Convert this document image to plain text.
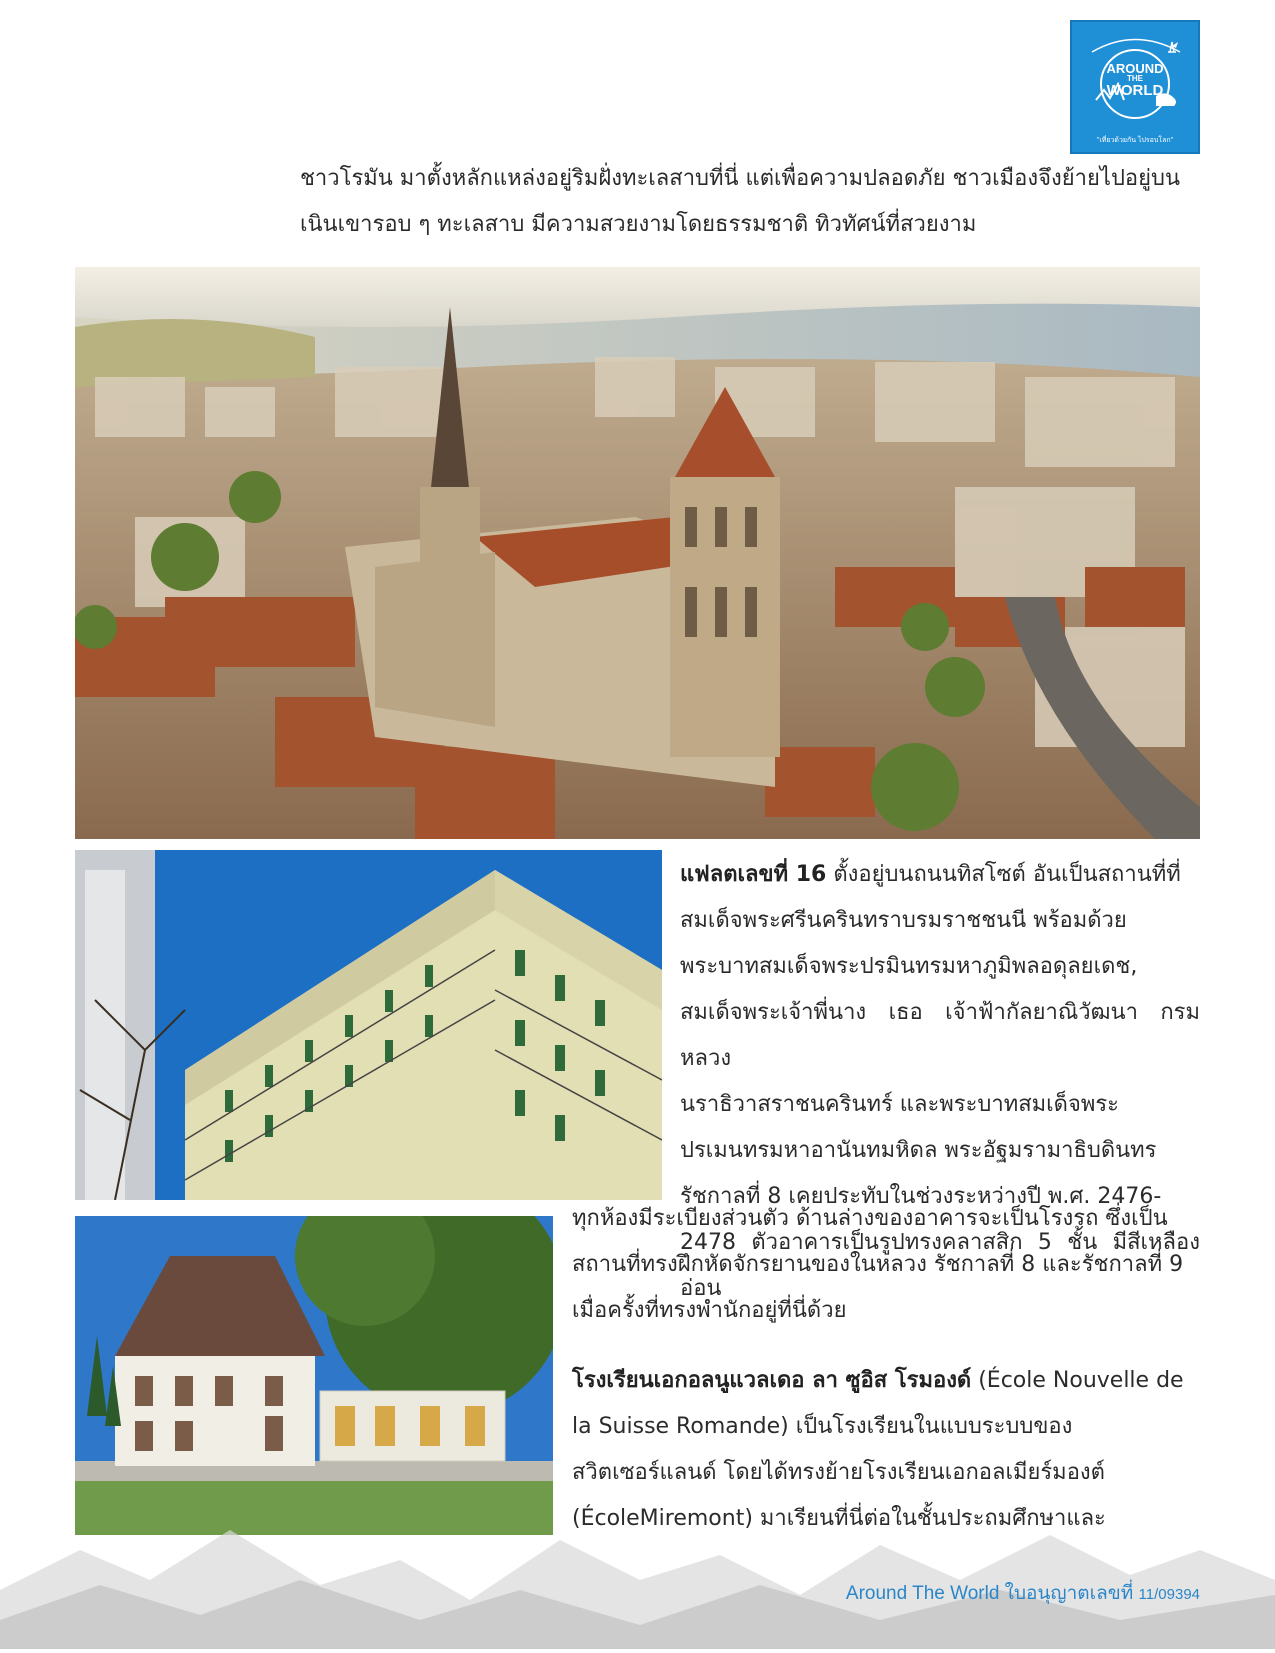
AROUND
THE
WORLD
"เที่ยวด้วยกัน ไปรอบโลก"
ชาวโรมัน มาตั้งหลักแหล่งอยู่ริมฝั่งทะเลสาบที่นี่ แต่เพื่อความปลอดภัย ชาวเมืองจึงย้ายไปอยู่บน
เนินเขารอบ ๆ ทะเลสาบ มีความสวยงามโดยธรรมชาติ ทิวทัศน์ที่สวยงาม
แฟลตเลขที่ 16 ตั้งอยู่บนถนนทิสโซต์ อันเป็นสถานที่ที่
สมเด็จพระศรีนครินทราบรมราชชนนี พร้อมด้วย
พระบาทสมเด็จพระปรมินทรมหาภูมิพลอดุลยเดช,
สมเด็จพระเจ้าพี่นาง เธอ เจ้าฟ้ากัลยาณิวัฒนา กรมหลวง
นราธิวาสราชนครินทร์ และพระบาทสมเด็จพระ
ปรเมนทรมหาอานันทมหิดล พระอัฐมรามาธิบดินทร
รัชกาลที่ 8 เคยประทับในช่วงระหว่างปี พ.ศ. 2476-
2478 ตัวอาคารเป็นรูปทรงคลาสสิก 5 ชั้น มีสีเหลืองอ่อน
ทุกห้องมีระเบียงส่วนตัว ด้านล่างของอาคารจะเป็นโรงรถ ซึ่งเป็น
สถานที่ทรงฝึกหัดจักรยานของในหลวง รัชกาลที่ 8 และรัชกาลที่ 9
เมื่อครั้งที่ทรงพำนักอยู่ที่นี่ด้วย
โรงเรียนเอกอลนูแวลเดอ ลา ซูอิส โรมองด์ (École Nouvelle de
la Suisse Romande) เป็นโรงเรียนในแบบระบบของ
สวิตเซอร์แลนด์ โดยได้ทรงย้ายโรงเรียนเอกอลเมียร์มองต์
(ÉcoleMiremont) มาเรียนที่นี่ต่อในชั้นประถมศึกษาและ
Around The World ใบอนุญาตเลขที่ 11/09394
